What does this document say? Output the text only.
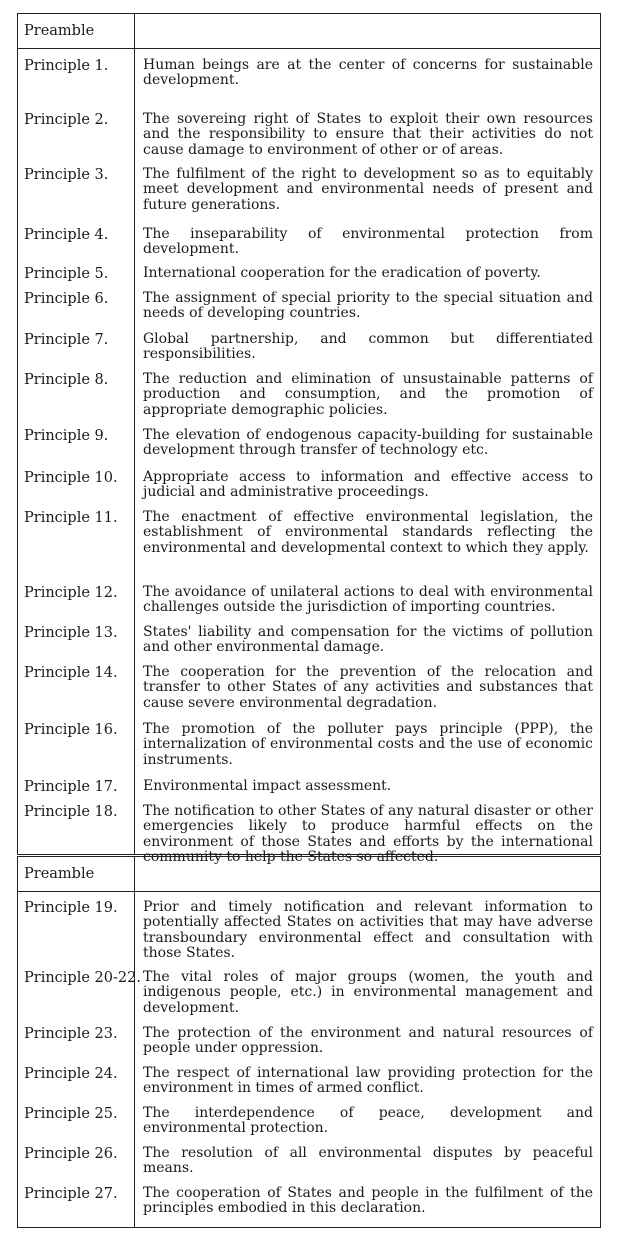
Preamble
Principle 1.	Human beings are at the center of concerns for sustainable development.
Principle 2.	The sovereing right of States to exploit their own resources and the responsibility to ensure that their activities do not cause damage to environment of other or of areas.
Principle 3.	The fulfilment of the right to development so as to equitably meet development and environmental needs of present and future generations.
Principle 4.	The inseparability of environmental protection from development.
Principle 5.	International cooperation for the eradication of poverty.
Principle 6.	The assignment of special priority to the special situation and needs of developing countries.
Principle 7.	Global partnership, and common but differentiated responsibilities.
Principle 8.	The reduction and elimination of unsustainable patterns of production and consumption, and the promotion of appropriate demographic policies.
Principle 9.	The elevation of endogenous capacity-building for sustainable development through transfer of technology etc.
Principle 10.	Appropriate access to information and effective access to judicial and administrative proceedings.
Principle 11.	The enactment of effective environmental legislation, the establishment of environmental standards reflecting the environmental and developmental context to which they apply.
Principle 12.	The avoidance of unilateral actions to deal with environmental challenges outside the jurisdiction of importing countries.
Principle 13.	States' liability and compensation for the victims of pollution and other environmental damage.
Principle 14.	The cooperation for the prevention of the relocation and transfer to other States of any activities and substances that cause severe environmental degradation.
Principle 16.	The promotion of the polluter pays principle (PPP), the internalization of environmental costs and the use of economic instruments.
Principle 17.	Environmental impact assessment.
Principle 18.	The notification to other States of any natural disaster or other emergencies likely to produce harmful effects on the environment of those States and efforts by the international community to help the States so affected.
Preamble
Principle 19.	Prior and timely notification and relevant information to potentially affected States on activities that may have adverse transboundary environmental effect and consultation with those States.
Principle 20-22. The vital roles of major groups (women, the youth and indigenous people, etc.) in environmental management and development.
Principle 23.	The protection of the environment and natural resources of people under oppression.
Principle 24.	The respect of international law providing protection for the environment in times of armed conflict.
Principle 25.	The interdependence of peace, development and environmental protection.
Principle 26.	The resolution of all environmental disputes by peaceful means.
Principle 27.	The cooperation of States and people in the fulfilment of the principles embodied in this declaration.
